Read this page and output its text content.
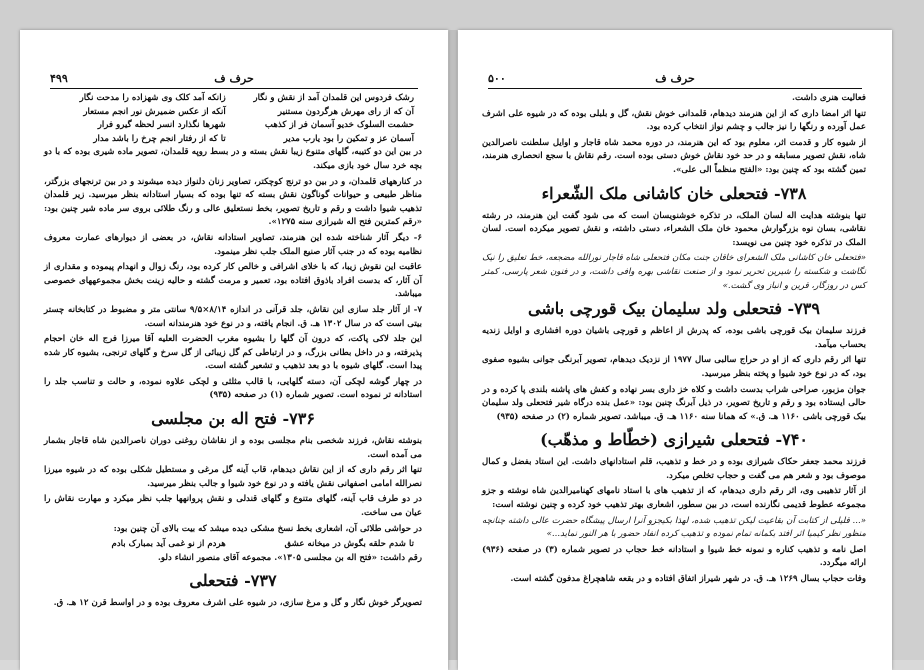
۴۹۹	حرف ف
رشک فردوس این قلمدان آمد از نقش و نگار
زانکه آمد کلک وی شهزاده را مدحت نگار
آن که از رای مهرش هرگردون مستنیر
آنکه از عکس ضمیرش نور انجم مستعار
حشمت السلوک خدیو آسمان فر از کذهب
شهرها نگذارد انسر لحظه گیرو فرار
آسمان عز و تمکین را بود یارب مدیر
تا که از رفتار انجم چرخ را باشد مدار

در بین این دو کتیبه، گلهای متنوع زیبا نقش بسته و در بسط روپه قلمدان، تصویر ماده شیری بوده که با دو بچه خرد سال خود بازی میکند.

در کنارههای قلمدان، و در بین دو ترنج کوچکتر، تصاویر زنان دلنواز دیده میشوند و در بین ترنجهای بزرگتر، مناظر طبیعی و حیوانات گوناگون نقش بسته که تنها بوده که بسیار استادانه بنظر میرسید. زیر قلمدان تذهیب شیوا داشت و رقم و تاریخ تصویر، بخط نستعلیق عالی و رنگ طلائی بروی سر ماده شیر چنین بود: «رقم کمترین فتح اله شیرازی سنه ۱۲۷۵».

۶- دیگر آثار شناخته شده این هنرمند، تصاویر استادانه نقاش، در بعضی از دیوارهای عمارت معروف نظامیه بوده که در جنب آثار صنیع الملک جلب نظر مینمود.

عاقبت این نقوش زیبا، که با خلای اشرافی و خالص کار کرده بود، رنگ زوال و انهدام پیموده و مقداری از آن آثار، که بدست افراد باذوق افتاده بود، تعمیر و مرمت گشته و حالیه زینت بخش مجموعههای خصوصی میباشد.

۷- از آثار جلد سازی این نقاش، جلد قرآنی در اندازه ۸/۱۴×۹/۵ سانتی متر و مضبوط در کتابخانه چستر بیتی است که در سال ۱۳۰۲ هـ. ق. انجام یافته، و در نوع خود هنرمندانه است.

این جلد لاکی پاکت، که درون آن گلها را بشیوه مغرب الحضرت العلیه آقا میرزا فرج اله خان احجام پذیرفته، و در داخل بطانی بزرگ، و در ارتباطی کم گل زیبائی از گل سرخ و گلهای ترنجی، بشیوه کار شده پیدا است. گلهای شیوه با دو بعد تذهیب و تشعیر گشته است.

در چهار گوشه لچکی آن، دسته گلهایی، با قالب مثلثی و لچکی علاوه نموده، و حالت و تناسب جلد را استادانه تر نموده است. تصویر شماره (۱) در صفحه (۹۳۵)

۷۳۶- فتح اله بن مجلسی

بنوشته نقاش، فرزند شخصی بنام مجلسی بوده و از نقاشان روغنی دوران ناصرالدین شاه قاجار بشمار می آمده است.

تنها اثر رقم داری که از این نقاش دیدهام، قاب آینه گل مرغی و مستطیل شکلی بوده که در شیوه میرزا نصرالله امامی اصفهانی نقش یافته و در نوع خود شیوا و جالب بنظر میرسید.

در دو طرف قاب آینه، گلهای متنوع و گلهای قندلی و نقش پروانهها جلب نظر میکرد و مهارت نقاش را عیان می ساخت.

در حواشی طلائی آن، اشعاری بخط نسخ مشکی دیده میشد که بیت بالای آن چنین بود:

تا شدم حلقه بگوش در میخانه عشق
هردم از نو غمی آید بمبارک بادم

رقم داشت: «فتح اله بن مجلسی ۱۳۰۵». مجموعه آقای منصور انشاء دلو.

۷۳۷- فتحعلی

تصویرگر خوش نگار و گل و مرغ سازی، در شیوه علی اشرف معروف بوده و در اواسط قرن ۱۲ هـ. ق.

۵۰۰	حرف ف

فعالیت هنری داشت.

تنها اثر امضا داری که از این هنرمند دیدهام، قلمدانی خوش نقش، گل و بلبلی بوده که در شیوه علی اشرف عمل آورده و رنگها را نیز جالب و چشم نواز انتخاب کرده بود.

از شیوه کار و قدمت اثر، معلوم بود که این هنرمند، در دوره محمد شاه قاجار و اوایل سلطنت ناصرالدین شاه، نقش تصویر مسابقه و در حد خود نقاش خوش دستی بوده است. رقم نقاش با سجع انحصاری هنرمند، تمین گشته بود که چنین بود: «الفتح منظماً الی علی».

۷۳۸- فتحعلی خان کاشانی ملک الشّعراء

تنها بنوشته هدایت اله لسان الملک، در تذکره خوشنویسان است که می شود گفت این هنرمند، در رشته نقاشی، بسان نوه بزرگوارش محمود خان ملک الشعراء، دستی داشته، و نقش تصویر میکرده است. لسان الملک در تذکره خود چنین می نویسد:

«فتحعلی خان کاشانی ملک الشعرای خاقان جنت مکان فتحعلی شاه قاجار نورالله مضجعه، خط تعلیق را نیک نگاشت و شکسته را شیرین تحریر نمود و از صنعت نقاشی بهره وافی داشت، و در فنون شعر پارسی، کمتر کس در روزگار، قرین و انباز وی گشت.»

۷۳۹- فتحعلی ولد سلیمان بیک قورچی باشی

فرزند سلیمان بیک قورچی باشی بوده، که پدرش از اعاظم و قورچی باشیان دوره افشاری و اوایل زندیه بحساب میآمد.

تنها اثر رقم داری که از او در حراج سالبی سال ۱۹۷۷ از نزدیک دیدهام، تصویر آبرنگی جوانی بشیوه صفوی بود، که در نوع خود شیوا و پخته بنظر میرسید.

جوان مزبور، صراحی شراب بدست داشت و کلاه خز داری بسر نهاده و کفش های پاشنه بلندی پا کرده و در حالی ایستاده بود و رقم و تاریخ تصویر، در ذیل آبرنگ چنین بود: «عمل بنده درگاه شیر فتحعلی ولد سلیمان بیک قورچی باشی ۱۱۶۰ هـ. ق.» که همانا سنه ۱۱۶۰ هـ. ق. میباشد. تصویر شماره (۲) در صفحه (۹۳۵)

۷۴۰- فتحعلی شیرازی (خطّاط و مذهّب)

فرزند محمد جعفر حکاک شیرازی بوده و در خط و تذهیب، قلم استادانهای داشت. این استاد بفضل و کمال موصوف بود و شعر هم می گفت و حجاب تخلص میکرد.

از آثار تذهیبی وی، اثر رقم داری دیدهام، که از تذهیب های با استاد نامهای کهنامیرالدین شاه نوشته و جزو مجموعه عطوط قدیمی نگارنده است، در بین سطور، اشعاری بهتر تذهیب خود کرده و چنین نوشته است:

«... قلیلی از کتابت آن بقاعیت لیکن تذهیب شده، لهذا بکیجزو آنرا ارسال پیشگاه حضرت عالی داشته چنانچه منظور نظر کیمیا اثر افتد بکمانه تمام نموده و تذهیب کرده انفاد حضور با هر النور نماید...»

اصل نامه و تذهیب کناره و نمونه خط شیوا و استادانه خط حجاب در تصویر شماره (۳) در صفحه (۹۳۶) ارائه میگردد.

وفات حجاب بسال ۱۲۶۹ هـ. ق. در شهر شیراز اتفاق افتاده و در بقعه شاهچراغ مدفون گشته است.
